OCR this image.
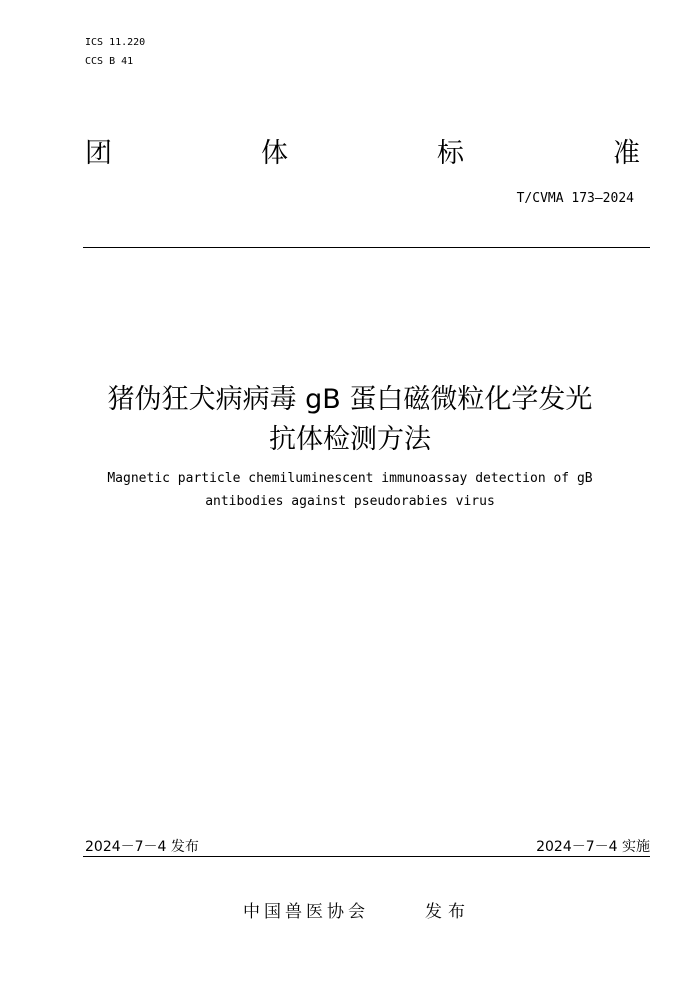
ICS 11.220
CCS B 41
团	体	标	准
T/CVMA 173—2024
猪伪狂犬病病毒 gB 蛋白磁微粒化学发光
抗体检测方法
Magnetic particle chemiluminescent immunoassay detection of gB
antibodies against pseudorabies virus
2024－7－4 发布	2024－7－4 实施
中国兽医协会	发布
